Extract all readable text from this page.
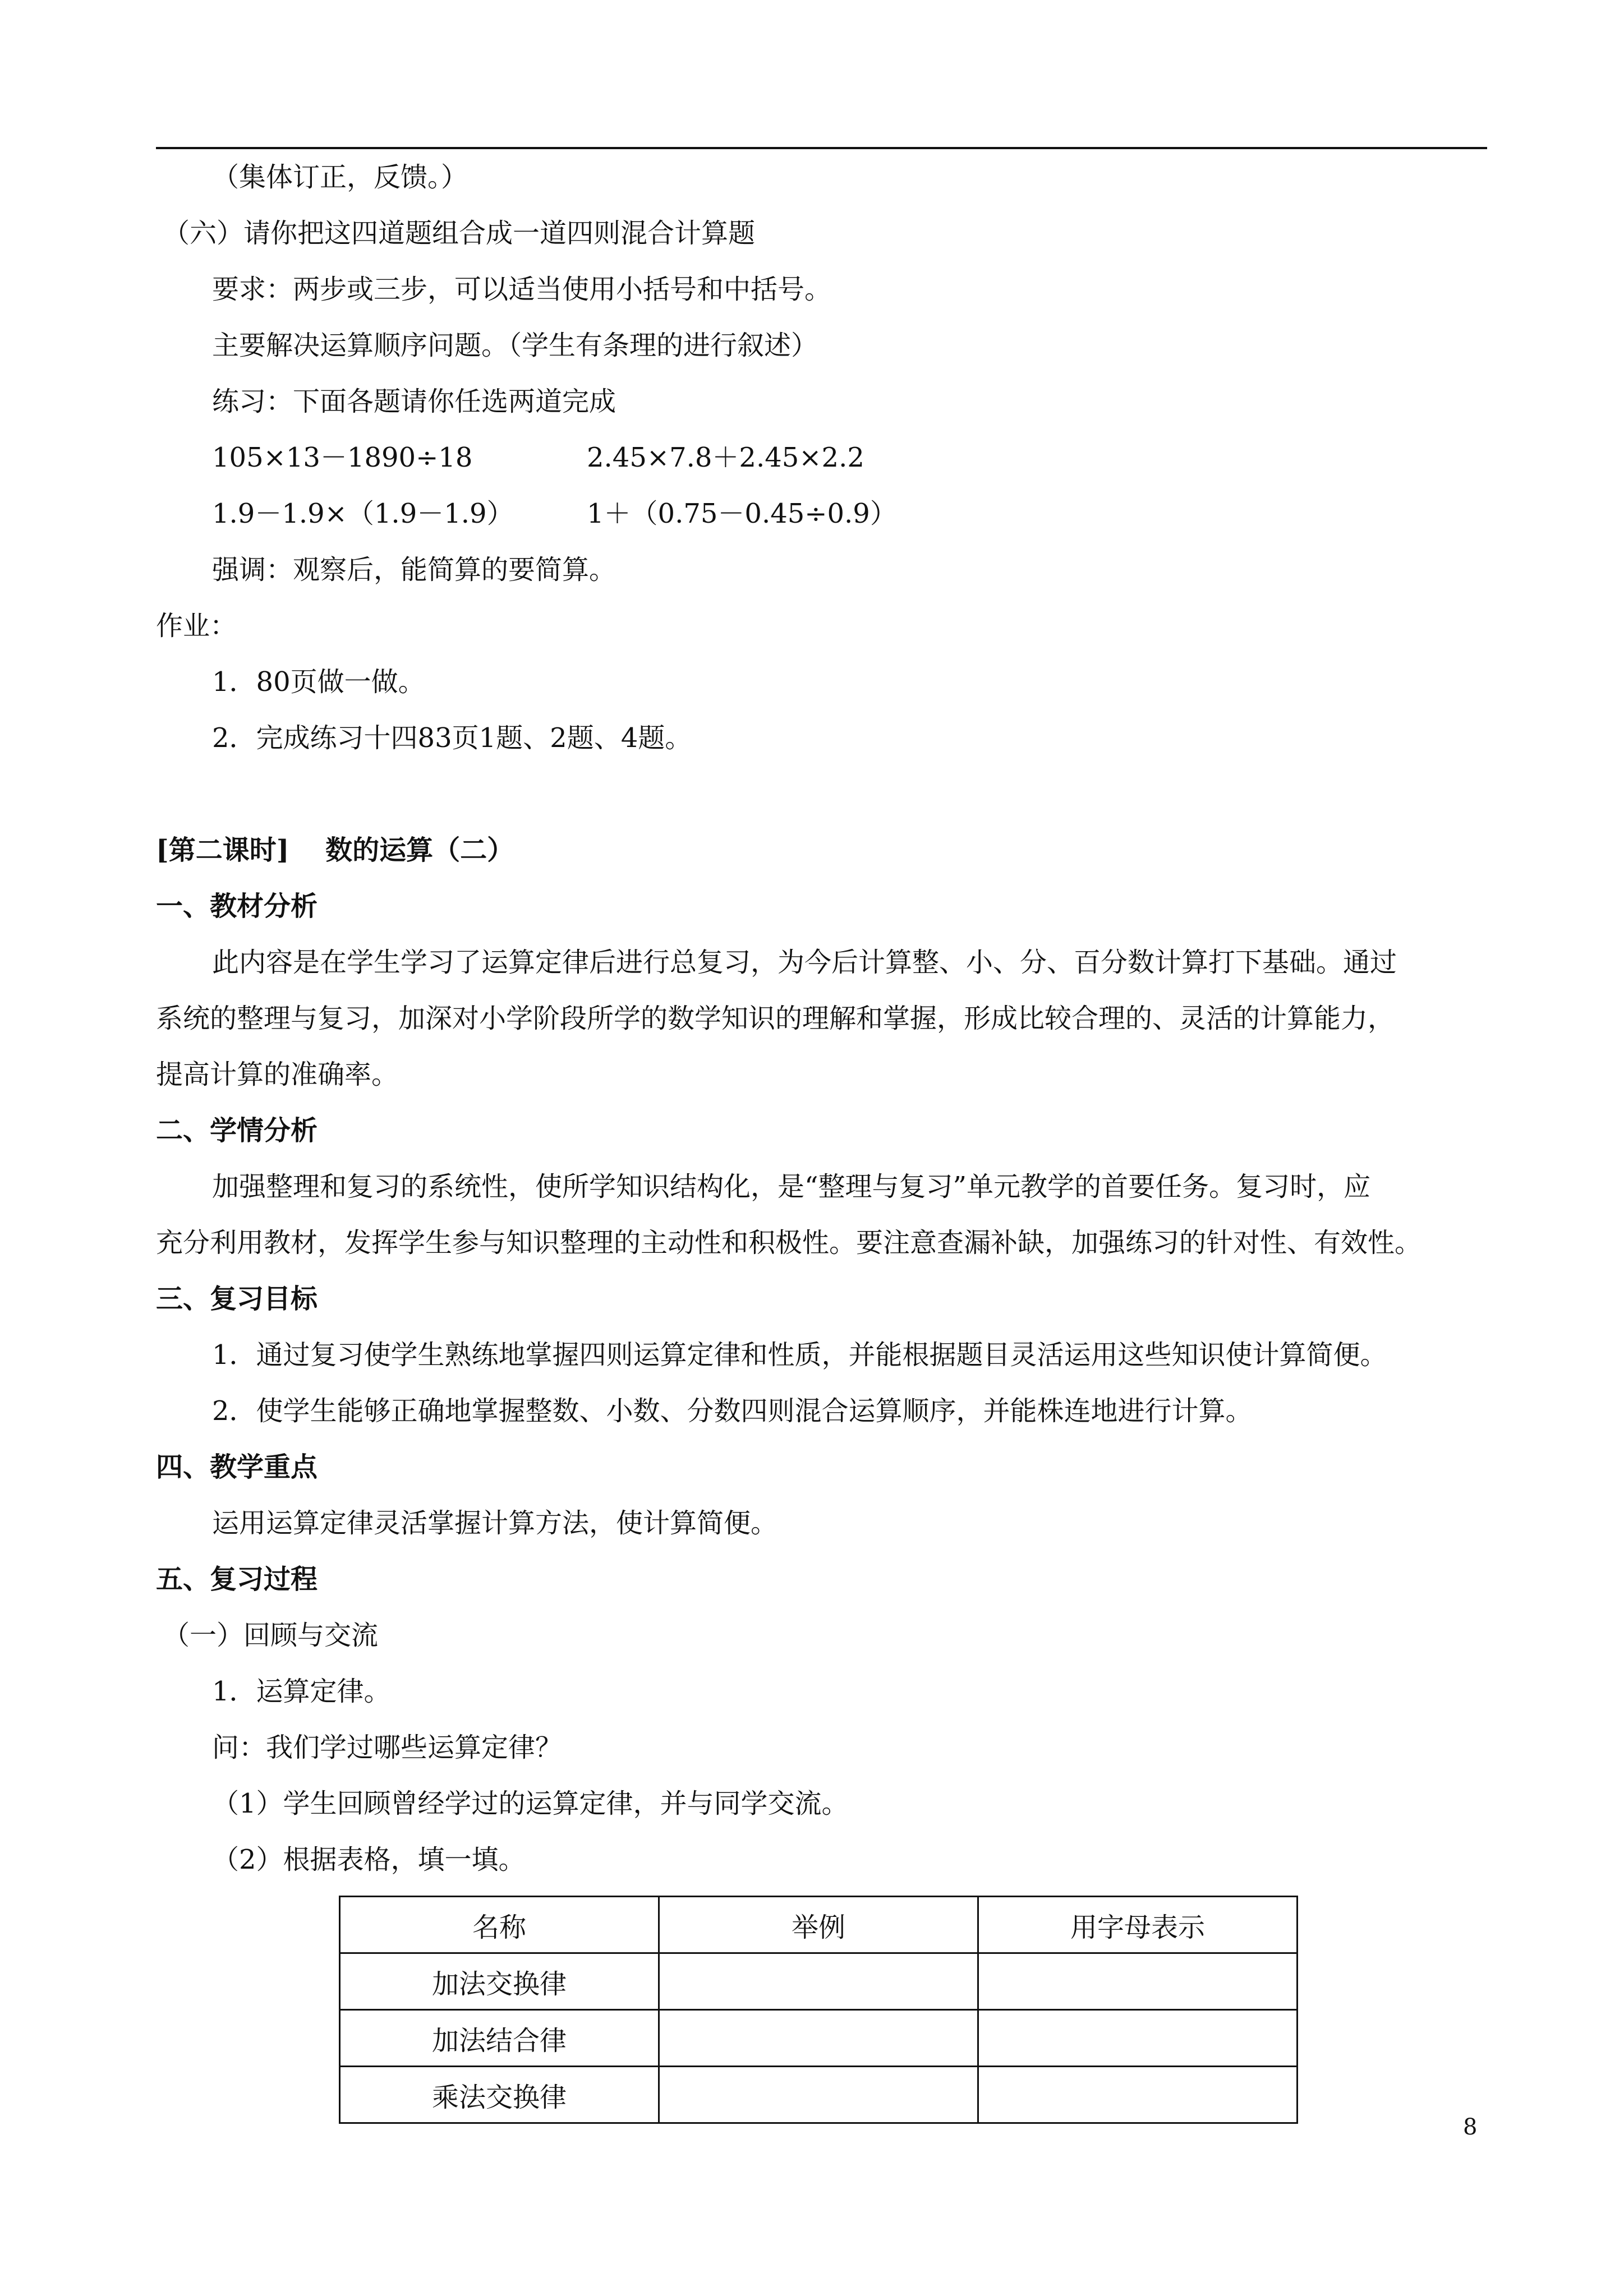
（集体订正，反馈。）
（六）请你把这四道题组合成一道四则混合计算题
要求：两步或三步，可以适当使用小括号和中括号。
主要解决运算顺序问题。（学生有条理的进行叙述）
练习：下面各题请你任选两道完成
105×13－1890÷18	2.45×7.8＋2.45×2.2
1.9－1.9×（1.9－1.9）	1＋（0.75－0.45÷0.9）
强调：观察后，能简算的要简算。
作业：
1．80页做一做。
2．完成练习十四83页1题、2题、4题。
[第二课时]　 数的运算（二）
一、教材分析
此内容是在学生学习了运算定律后进行总复习，为今后计算整、小、分、百分数计算打下基础。通过
系统的整理与复习，加深对小学阶段所学的数学知识的理解和掌握，形成比较合理的、灵活的计算能力，
提高计算的准确率。
二、学情分析
加强整理和复习的系统性，使所学知识结构化，是“整理与复习”单元教学的首要任务。复习时，应
充分利用教材，发挥学生参与知识整理的主动性和积极性。要注意查漏补缺，加强练习的针对性、有效性。
三、复习目标
1．通过复习使学生熟练地掌握四则运算定律和性质，并能根据题目灵活运用这些知识使计算简便。
2．使学生能够正确地掌握整数、小数、分数四则混合运算顺序，并能株连地进行计算。
四、教学重点
运用运算定律灵活掌握计算方法，使计算简便。
五、复习过程
（一）回顾与交流
1．运算定律。
问：我们学过哪些运算定律？
（1）学生回顾曾经学过的运算定律，并与同学交流。
（2）根据表格，填一填。
名称	举例	用字母表示
加法交换律		
加法结合律		
乘法交换律		
8
